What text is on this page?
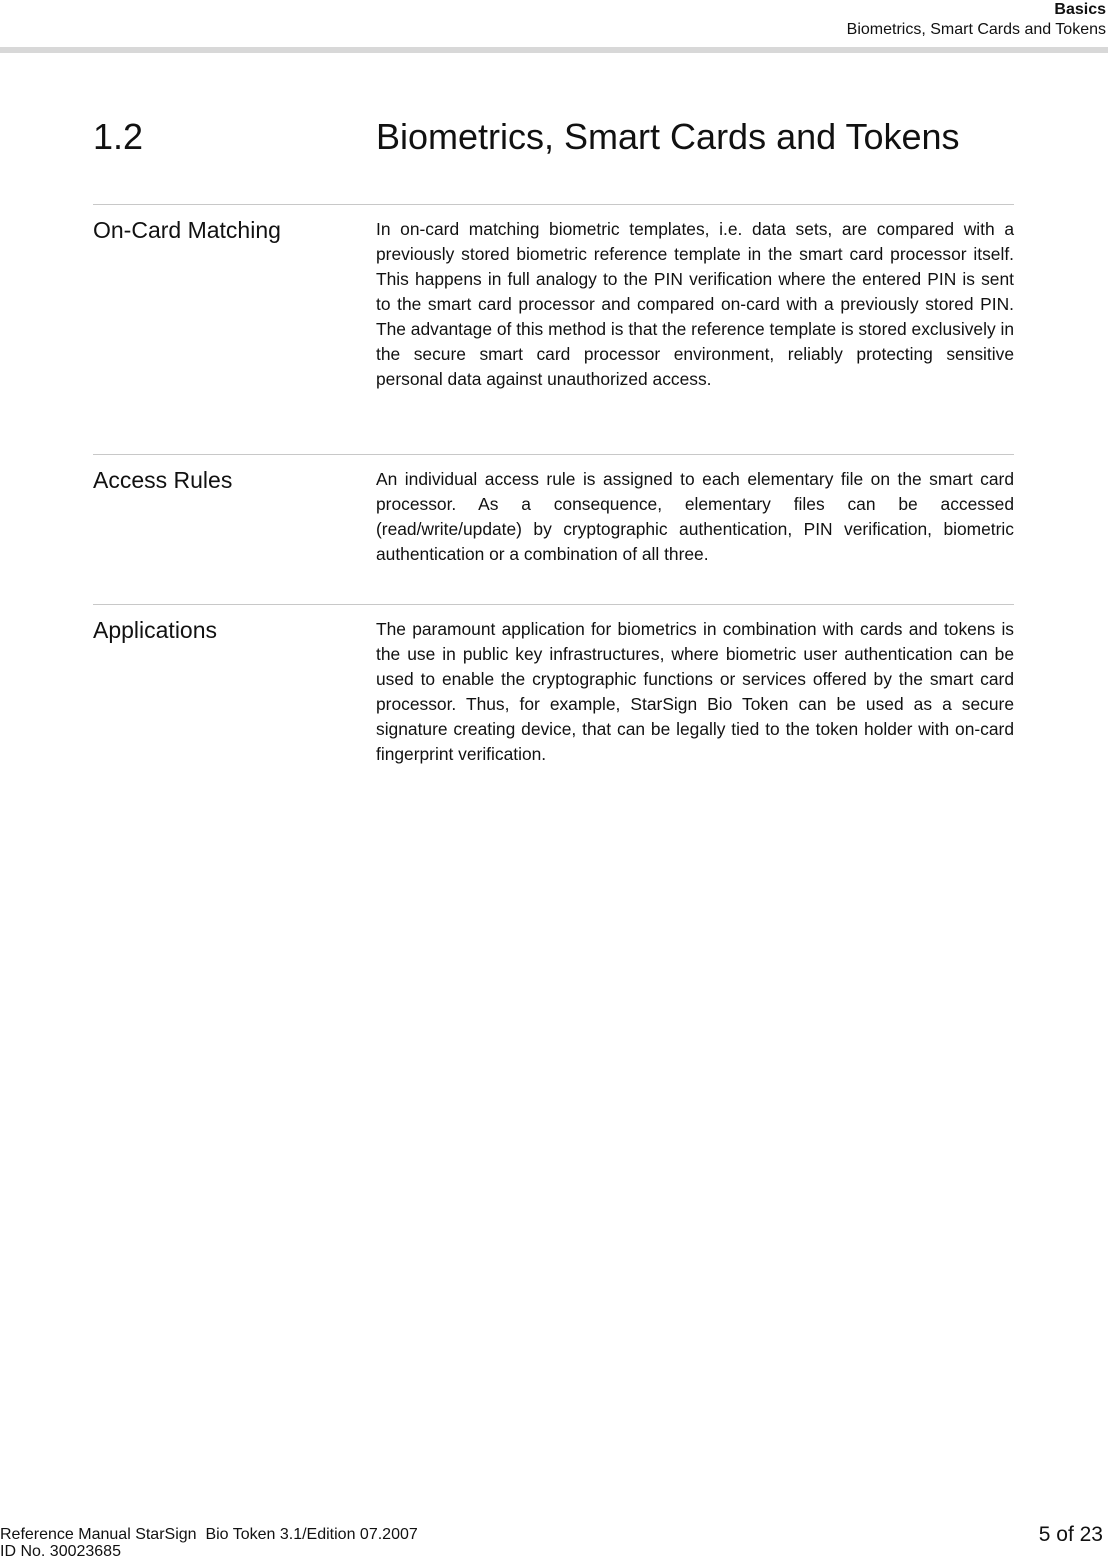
Basics
Biometrics, Smart Cards and Tokens
1.2	Biometrics, Smart Cards and Tokens
On-Card Matching	In on-card matching biometric templates, i.e. data sets, are compared with a previously stored biometric reference template in the smart card processor itself. This happens in full analogy to the PIN verification where the entered PIN is sent to the smart card processor and compared on-card with a previously stored PIN. The advantage of this method is that the reference template is stored exclusively in the secure smart card processor environment, reliably protecting sensitive personal data against unauthorized access.

Access Rules	An individual access rule is assigned to each elementary file on the smart card processor. As a consequence, elementary files can be accessed (read/write/update) by cryptographic authentication, PIN verification, biometric authentication or a combination of all three.

Applications	The paramount application for biometrics in combination with cards and tokens is the use in public key infrastructures, where biometric user authentication can be used to enable the cryptographic functions or services offered by the smart card processor. Thus, for example, StarSign Bio Token can be used as a secure signature creating device, that can be legally tied to the token holder with on-card fingerprint verification.

Reference Manual StarSign  Bio Token 3.1/Edition 07.2007
ID No. 30023685
5 of 23
